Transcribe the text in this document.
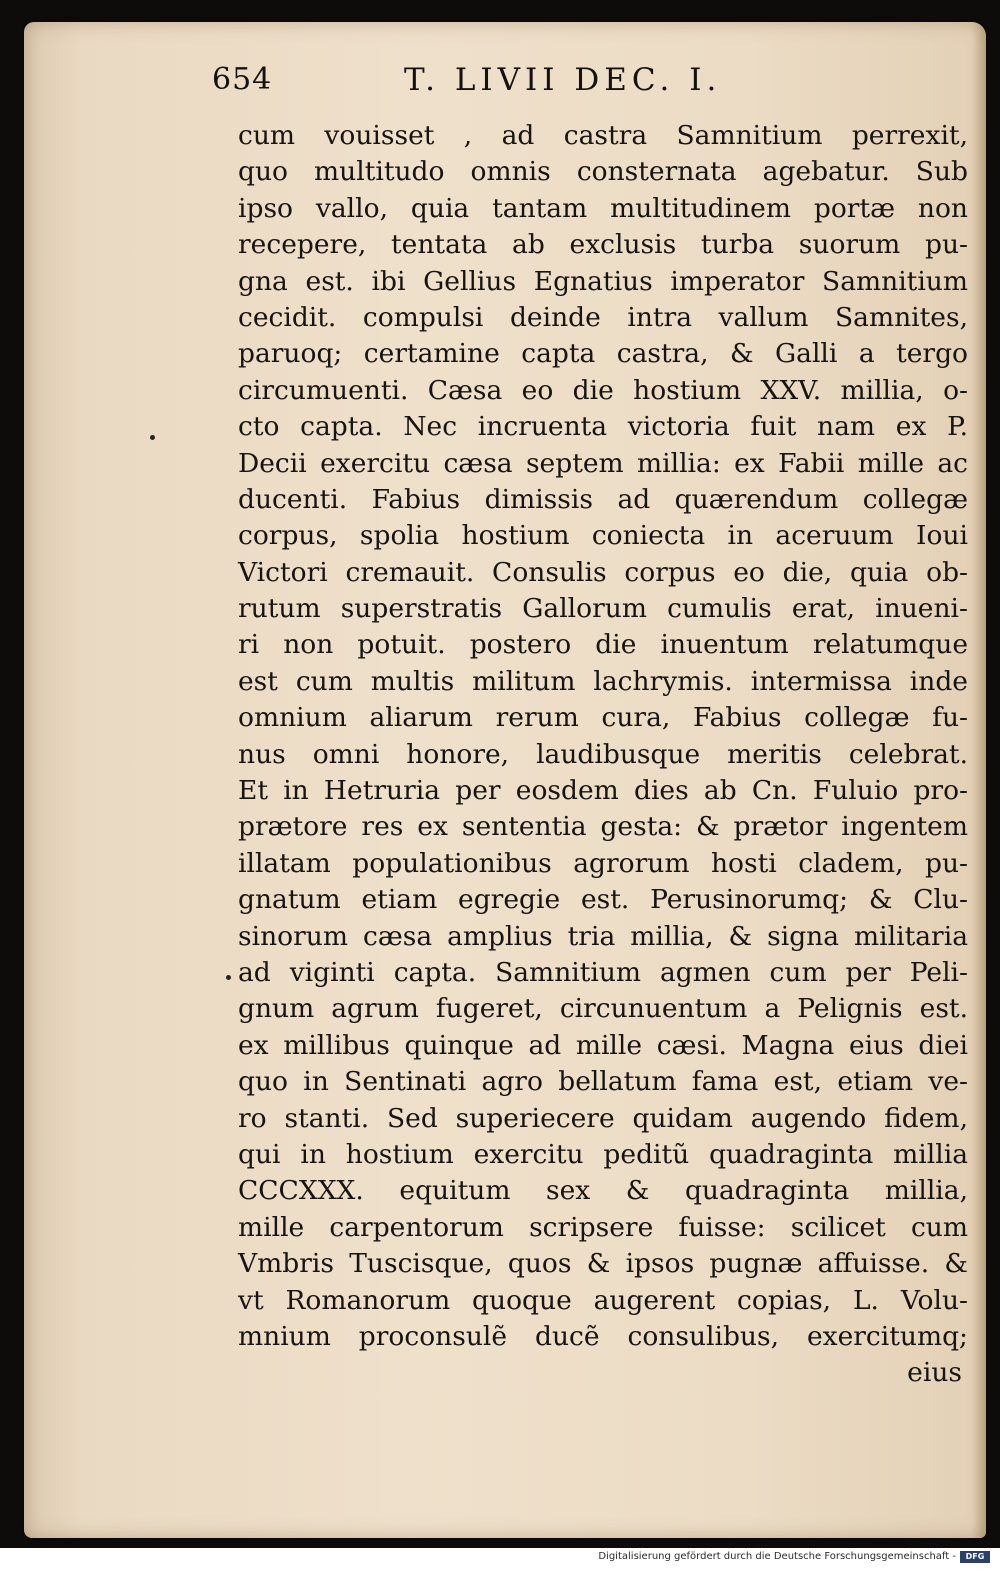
654	T. LIVII DEC. I.
cum vouisset , ad castra Samnitium perrexit,
quo multitudo omnis consternata agebatur. Sub
ipso vallo, quia tantam multitudinem portæ non
recepere, tentata ab exclusis turba suorum pu-
gna est. ibi Gellius Egnatius imperator Samnitium
cecidit. compulsi deinde intra vallum Samnites,
paruoq; certamine capta castra, & Galli a tergo
circumuenti. Cæsa eo die hostium XXV. millia, o-
cto capta. Nec incruenta victoria fuit nam ex P.
Decii exercitu cæsa septem millia: ex Fabii mille ac
ducenti. Fabius dimissis ad quærendum collegæ
corpus, spolia hostium coniecta in aceruum Ioui
Victori cremauit. Consulis corpus eo die, quia ob-
rutum superstratis Gallorum cumulis erat, inueni-
ri non potuit. postero die inuentum relatumque
est cum multis militum lachrymis. intermissa inde
omnium aliarum rerum cura, Fabius collegæ fu-
nus omni honore, laudibusque meritis celebrat.
Et in Hetruria per eosdem dies ab Cn. Fuluio pro-
prætore res ex sententia gesta: & prætor ingentem
illatam populationibus agrorum hosti cladem, pu-
gnatum etiam egregie est. Perusinorumq; & Clu-
sinorum cæsa amplius tria millia, & signa militaria
ad viginti capta. Samnitium agmen cum per Peli-
gnum agrum fugeret, circunuentum a Pelignis est.
ex millibus quinque ad mille cæsi. Magna eius diei
quo in Sentinati agro bellatum fama est, etiam ve-
ro stanti. Sed superiecere quidam augendo fidem,
qui in hostium exercitu peditũ quadraginta millia
CCCXXX. equitum sex & quadraginta millia,
mille carpentorum scripsere fuisse: scilicet cum
Vmbris Tuscisque, quos & ipsos pugnæ affuisse. &
vt Romanorum quoque augerent copias, L. Volu-
mnium proconsulẽ ducẽ consulibus, exercitumq;
eius
Digitalisierung gefördert durch die Deutsche Forschungsgemeinschaft -	DFG
